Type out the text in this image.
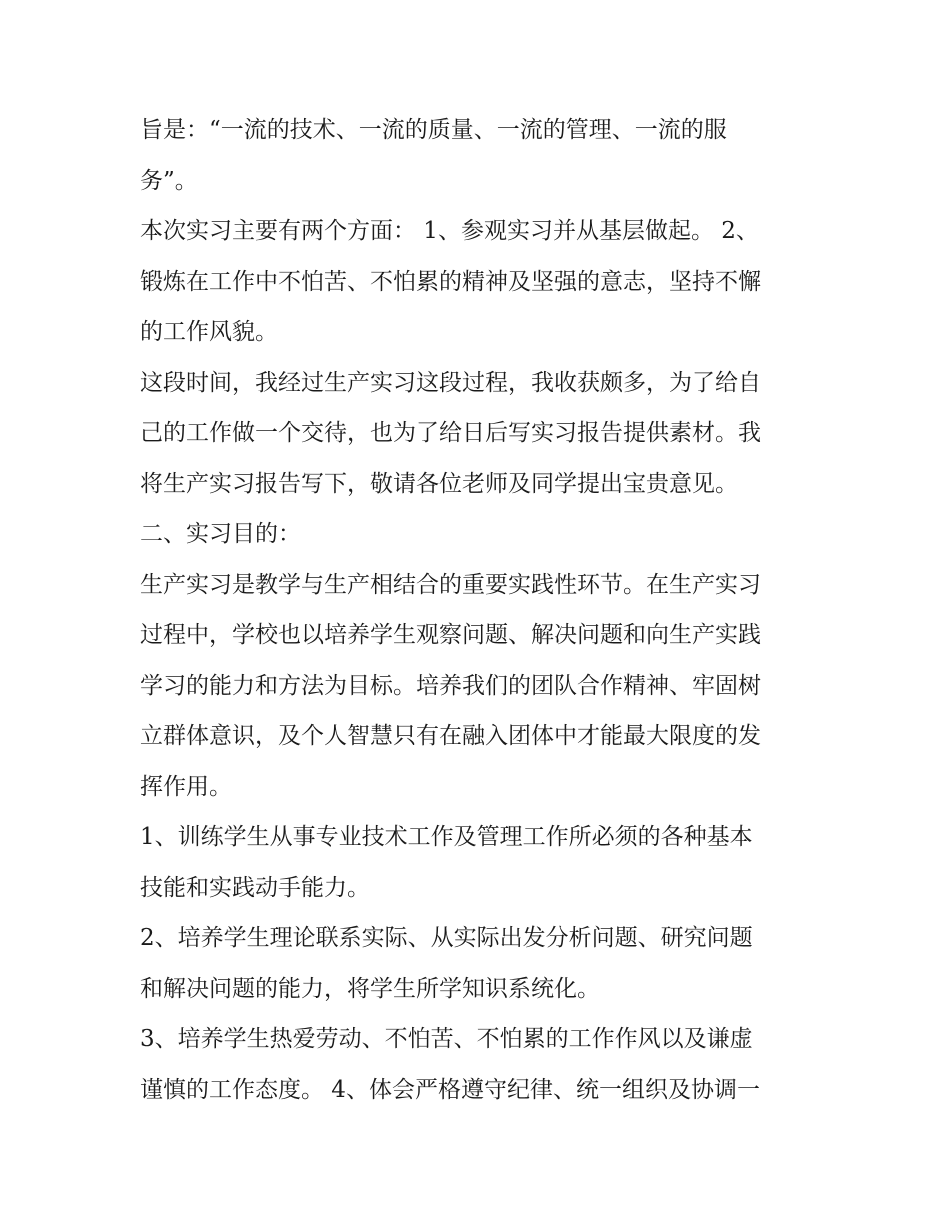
旨是：“一流的技术、一流的质量、一流的管理、一流的服

务”。

本次实习主要有两个方面： 1、参观实习并从基层做起。 2、

锻炼在工作中不怕苦、不怕累的精神及坚强的意志，坚持不懈

的工作风貌。

这段时间，我经过生产实习这段过程，我收获颇多，为了给自

己的工作做一个交待，也为了给日后写实习报告提供素材。我

将生产实习报告写下，敬请各位老师及同学提出宝贵意见。

二、实习目的：

生产实习是教学与生产相结合的重要实践性环节。在生产实习

过程中，学校也以培养学生观察问题、解决问题和向生产实践

学习的能力和方法为目标。培养我们的团队合作精神、牢固树

立群体意识，及个人智慧只有在融入团体中才能最大限度的发

挥作用。

1、训练学生从事专业技术工作及管理工作所必须的各种基本

技能和实践动手能力。

2、培养学生理论联系实际、从实际出发分析问题、研究问题

和解决问题的能力，将学生所学知识系统化。

3、培养学生热爱劳动、不怕苦、不怕累的工作作风以及谦虚

谨慎的工作态度。 4、体会严格遵守纪律、统一组织及协调一
